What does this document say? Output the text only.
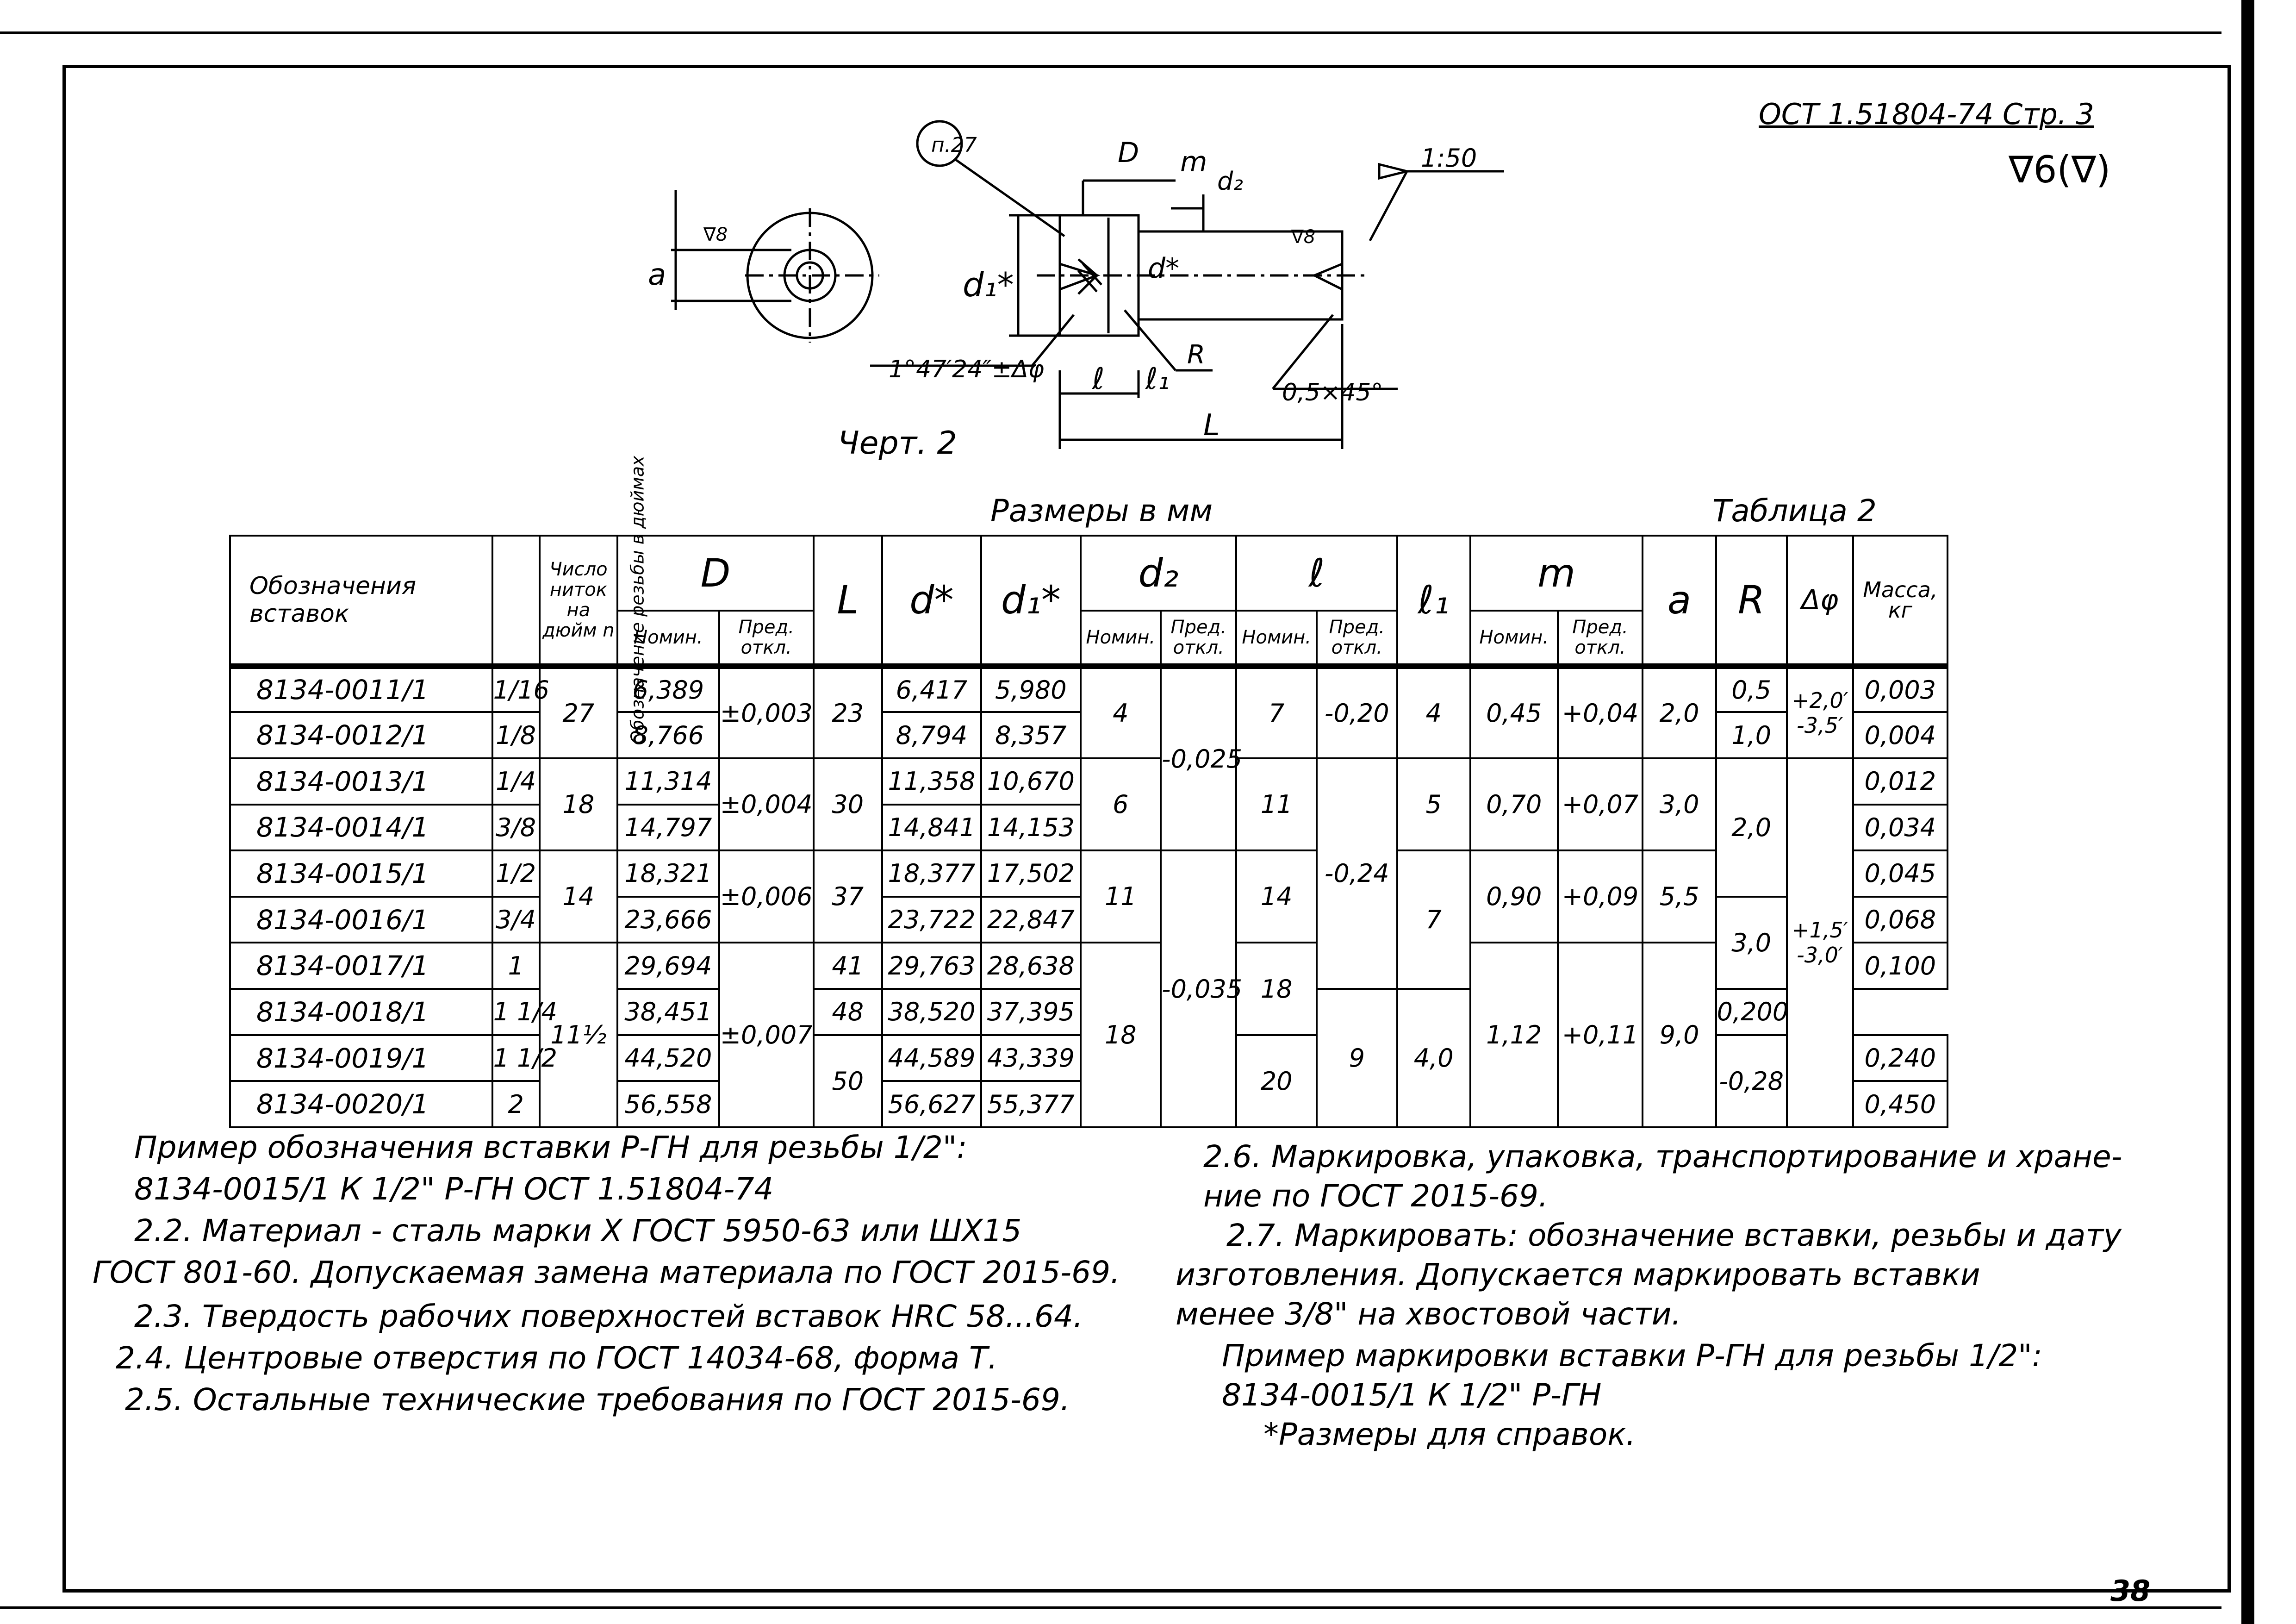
ОСТ 1.51804-74 Стр. 3
∇6(∇)
38
п.27
a
∇8	∇8
D
d₁*	d*
d₂
m	1:50
1°47′24″±Δφ ℓ ℓ₁
R
0,5×45°
L
Черт. 2
Размеры в мм	Таблица 2
Обозначения вставок	Обозначение резьбы в дюймах	Число ниток на дюйм n	D		L	d*	d₁*	d₂		ℓ		ℓ₁	m		a	R	Δφ	Масса, кг
			Номин.	Пред. откл.				Номин.	Пред. откл.	Номин.	Пред. откл.		Номин.	Пред. откл.				
8134-0011/1	1/16	27	6,389	±0,003	23	6,417	5,980	4	-0,025	7	-0,20	4	0,45	+0,04	2,0	0,5	+2,0′ -3,5′	0,003
8134-0012/1	1/8		8,766			8,794	8,357									1,0		0,004
8134-0013/1	1/4	18	11,314	±0,004	30	11,358	10,670	6		11	-0,24	5	0,70	+0,07	3,0	2,0	+1,5′ -3,0′	0,012
8134-0014/1	3/8		14,797			14,841	14,153											0,034
8134-0015/1	1/2	14	18,321	±0,006	37	18,377	17,502	11	-0,035	14		7	0,90	+0,09	5,5			0,045
8134-0016/1	3/4		23,666			23,722	22,847									3,0		0,068
8134-0017/1	1	11½	29,694	±0,007	41	29,763	28,638	18		18			1,12	+0,11	9,0			0,100
8134-0018/1	1 1/4		38,451		48	38,520	37,395				9	4,0				0,200		
8134-0019/1	1 1/2		44,520		50	44,589	43,339			20						-0,28		0,240
8134-0020/1	2		56,558			56,627	55,377											0,450
Пример обозначения вставки Р-ГН для резьбы 1/2":
8134-0015/1 К 1/2" Р-ГН ОСТ 1.51804-74
2.2. Материал - сталь марки Х ГОСТ 5950-63 или ШХ15
ГОСТ 801-60. Допускаемая замена материала по ГОСТ 2015-69.
2.3. Твердость рабочих поверхностей вставок HRC 58...64.
2.4. Центровые отверстия по ГОСТ 14034-68, форма Т.
2.5. Остальные технические требования по ГОСТ 2015-69.
2.6. Маркировка, упаковка, транспортирование и хране-
ние по ГОСТ 2015-69.
2.7. Маркировать: обозначение вставки, резьбы и дату
изготовления. Допускается маркировать вставки
менее 3/8" на хвостовой части.
Пример маркировки вставки Р-ГН для резьбы 1/2":
8134-0015/1 К 1/2" Р-ГН
*Размеры для справок.
